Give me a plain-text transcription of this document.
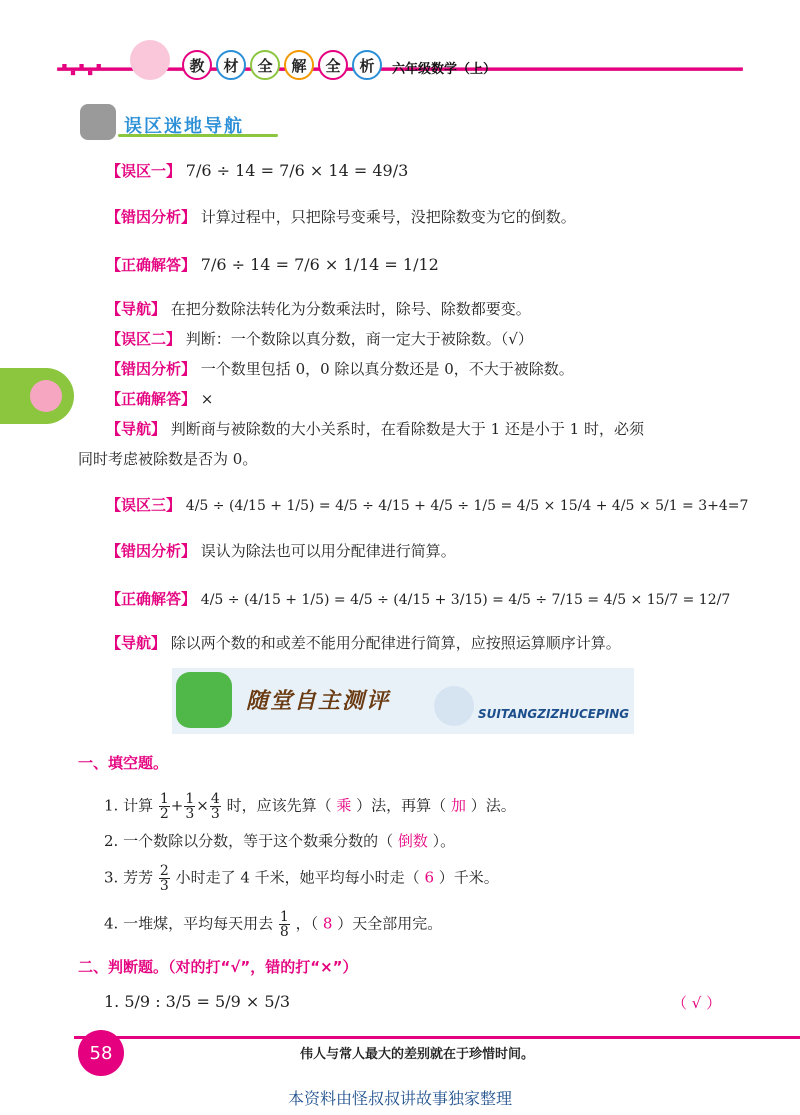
教	材	全	解	全	析	六年级数学（上）
误区迷地导航
【误区一】 7/6 ÷ 14 = 7/6 × 14 = 49/3
【错因分析】 计算过程中，只把除号变乘号，没把除数变为它的倒数。
【正确解答】 7/6 ÷ 14 = 7/6 × 1/14 = 1/12
【导航】 在把分数除法转化为分数乘法时，除号、除数都要变。
【误区二】 判断：一个数除以真分数，商一定大于被除数。（√）
【错因分析】 一个数里包括 0，0 除以真分数还是 0，不大于被除数。
【正确解答】 ×
【导航】 判断商与被除数的大小关系时，在看除数是大于 1 还是小于 1 时，必须
同时考虑被除数是否为 0。
【误区三】 4/5 ÷ (4/15 + 1/5) = 4/5 ÷ 4/15 + 4/5 ÷ 1/5 = 4/5 × 15/4 + 4/5 × 5/1 = 3+4=7
【错因分析】 误认为除法也可以用分配律进行简算。
【正确解答】 4/5 ÷ (4/15 + 1/5) = 4/5 ÷ (4/15 + 3/15) = 4/5 ÷ 7/15 = 4/5 × 15/7 = 12/7
【导航】 除以两个数的和或差不能用分配律进行简算，应按照运算顺序计算。
随堂自主测评	SUITANGZIZHUCEPING
一、填空题。
1. 计算 $\frac{1}{2} + \frac{1}{3} \times \frac{4}{3}$ 时，应该先算（ 乘 ）法，再算（ 加 ）法。
2. 一个数除以分数，等于这个数乘分数的（ 倒数 ）。
3. 芳芳 $\frac{2}{3}$ 小时走了 4 千米，她平均每小时走（ 6 ）千米。
4. 一堆煤，平均每天用去 $\frac{1}{8}$ ，（ 8 ）天全部用完。
二、判断题。（对的打“√”，错的打“×”）
1. 5/9 : 3/5 = 5/9 × 5/3	（ √ ）
58	伟人与常人最大的差别就在于珍惜时间。
本资料由怪叔叔讲故事独家整理
